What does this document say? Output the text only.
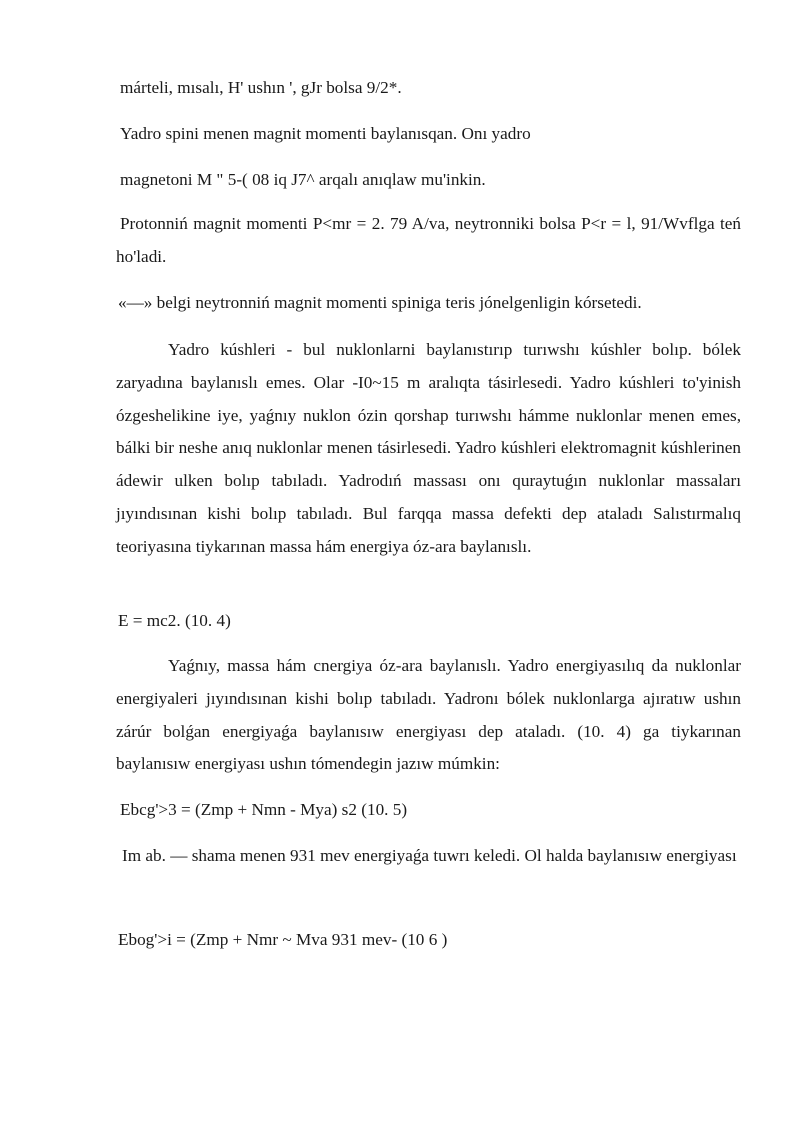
márteli, mısalı, H' ushın ', gJr bolsa 9/2*.
Yadro spini menen magnit momenti baylanısqan. Onı yadro
magnetoni M " 5-( 08 iq J7^ arqalı anıqlaw mu'inkin.

Protonniń magnit momenti P<mr = 2. 79 A/va, neytronniki bolsa P<r = l, 91/Wvflga teń ho'ladi.

«—» belgi neytronniń magnit momenti spiniga teris jónelgenligin kórsetedi.

Yadro kúshleri - bul nuklonlarni baylanıstırıp turıwshı kúshler bolıp. bólek zaryadına baylanıslı emes. Olar -I0~15 m aralıqta tásirlesedi. Yadro kúshleri to'yinish ózgeshelikine iye, yaǵnıy nuklon ózin qorshap turıwshı hámme nuklonlar menen emes, bálki bir neshe anıq nuklonlar menen tásirlesedi. Yadro kúshleri elektromagnit kúshlerinen ádewir ulken bolıp tabıladı. Yadrodıń massası onı quraytuǵın nuklonlar massaları jıyındısınan kishi bolıp tabıladı. Bul farqqa massa defekti dep ataladı Salıstırmalıq teoriyasına tiykarınan massa hám energiya óz-ara baylanıslı.

E = mc2. (10. 4)

Yaǵnıy, massa hám cnergiya óz-ara baylanıslı. Yadro energiyasılıq da nuklonlar energiyaleri jıyındısınan kishi bolıp tabıladı. Yadronı bólek nuklonlarga ajıratıw ushın zárúr bolǵan energiyaǵa baylanısıw energiyası dep ataladı. (10. 4) ga tiykarınan baylanısıw energiyası ushın tómendegin jazıw múmkin:

Ebcg'>3 = (Zmp + Nmn - Mya) s2 (10. 5)

Im ab. — shama menen 931 mev energiyaǵa tuwrı keledi. Ol halda baylanısıw energiyası

Ebog'>i = (Zmp + Nmr ~ Mva 931 mev- (10 6 )
